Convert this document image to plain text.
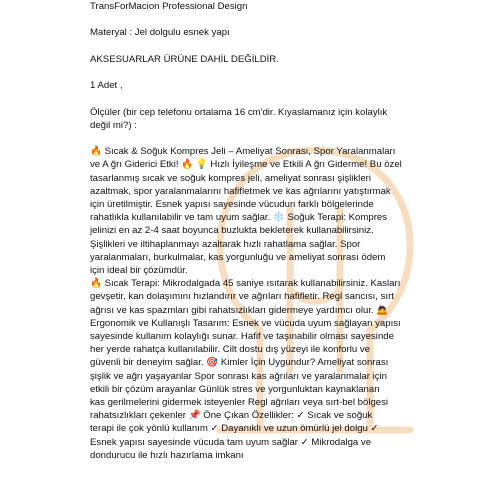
TransForMacion Professional Design

Materyal : Jel dolgulu esnek yapı

AKSESUARLAR ÜRÜNE DAHİL DEĞİLDİR.

1 Adet ,

Ölçüler (bir cep telefonu ortalama 16 cm'dir. Kıyaslamanız için kolaylık

değil mi?) :

🔥 Sıcak & Soğuk Kompres Jeli – Ameliyat Sonrası, Spor Yaralanmaları

ve A ğrı Giderici Etki! 🔥 💡 Hızlı İyileşme ve Etkili A ğrı Giderme! Bu özel

tasarlanmış sıcak ve soğuk kompres jeli, ameliyat sonrası şişlikleri

azaltmak, spor yaralanmalarını hafifletmek ve kas ağrılarını yatıştırmak

için üretilmiştir. Esnek yapısı sayesinde vücudun farklı bölgelerinde

rahatlıkla kullanılabilir ve tam uyum sağlar. ❄️ Soğuk Terapi: Kompres

jelinizi en az 2-4 saat boyunca buzlukta bekleterek kullanabilirsiniz.

Şişlikleri ve iltihaplanmayı azaltarak hızlı rahatlama sağlar. Spor

yaralanmaları, burkulmalar, kas yorgunluğu ve ameliyat sonrası ödem

için ideal bir çözümdür.

🔥 Sıcak Terapi: Mikrodalgada 45 saniye ısıtarak kullanabilirsiniz. Kasları

gevşetir, kan dolaşımını hızlandırır ve ağrıları hafifletir. Regl sancısı, sırt

ağrısı ve kas spazmları gibi rahatsızlıkları gidermeye yardımcı olur. 🙇

Ergonomik ve Kullanışlı Tasarım: Esnek ve vücuda uyum sağlayan yapısı

sayesinde kullanım kolaylığı sunar. Hafif ve taşınabilir olması sayesinde

her yerde rahatça kullanılabilir. Cilt dostu dış yüzeyi ile konforlu ve

güvenli bir deneyim sağlar. 🎯 Kimler İçin Uygundur? Ameliyat sonrası

şişlik ve ağrı yaşayanlar Spor sonrası kas ağrıları ve yaralanmalar için

etkili bir çözüm arayanlar Günlük stres ve yorgunluktan kaynaklanan

kas gerilmelerini gidermek isteyenler Regl ağrıları veya sırt-bel bölgesi

rahatsızlıkları çekenler 📌 Öne Çıkan Özellikler: ✓ Sıcak ve soğuk

terapi ile çok yönlü kullanım ✓ Dayanıklı ve uzun ömürlü jel dolgu ✓

Esnek yapısı sayesinde vücuda tam uyum sağlar ✓ Mikrodalga ve

dondurucu ile hızlı hazırlama imkanı
